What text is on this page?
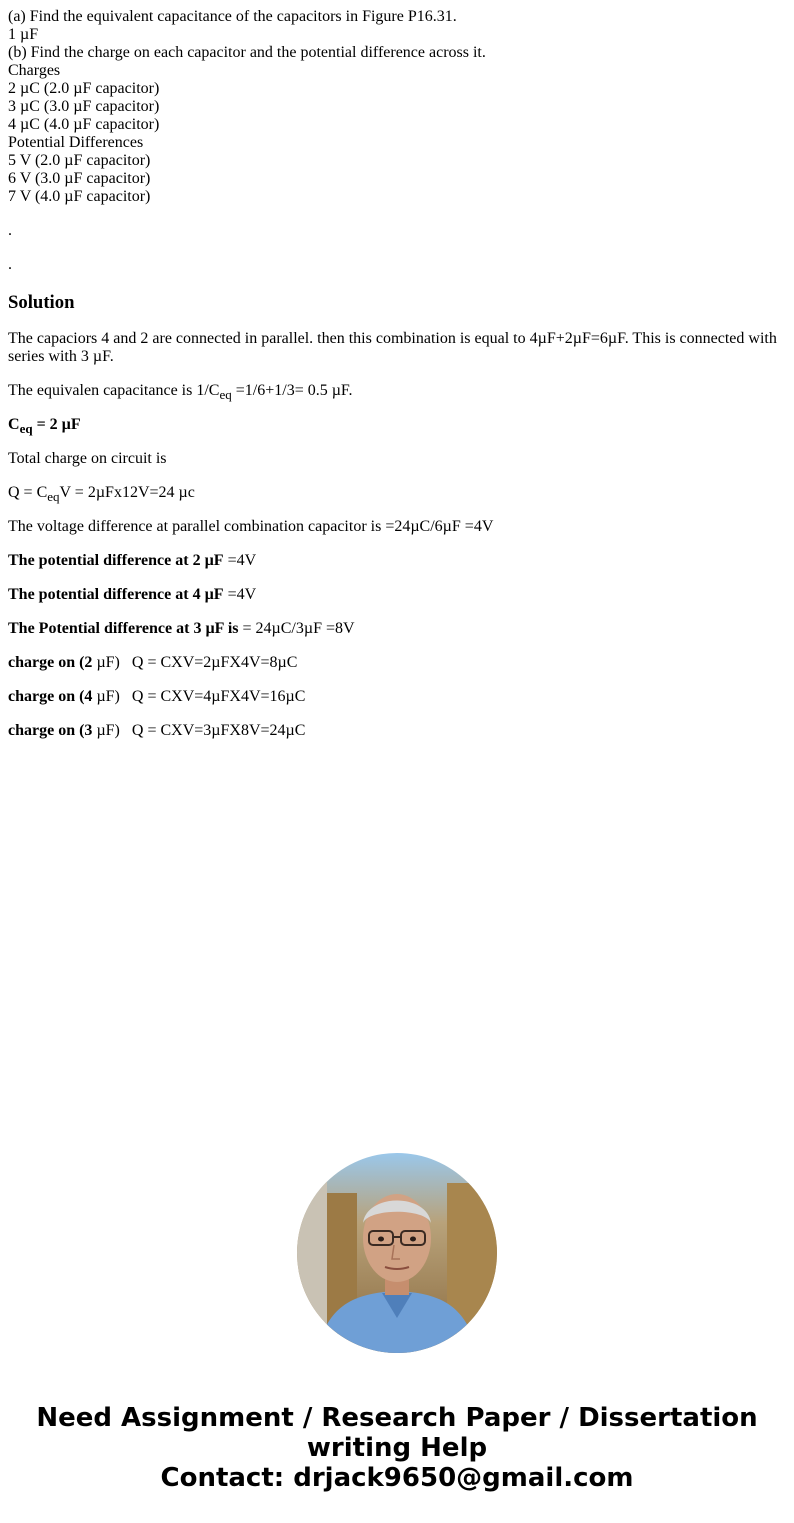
(a) Find the equivalent capacitance of the capacitors in Figure P16.31.
1 µF
(b) Find the charge on each capacitor and the potential difference across it.
Charges
2 µC (2.0 µF capacitor)
3 µC (3.0 µF capacitor)
4 µC (4.0 µF capacitor)
Potential Differences
5 V (2.0 µF capacitor)
6 V (3.0 µF capacitor)
7 V (4.0 µF capacitor)
.
.
Solution

The capaciors 4 and 2 are connected in parallel. then this combination is equal to 4µF+2µF=6µF. This is connected with series with 3 µF.

The equivalen capacitance is $1/C_{eq} =1/6+1/3= 0.5$ µF.

$C_{eq} = 2$ µF

Total charge on circuit is

$Q = C_{eq}V = 2\mu Fx12V=24$ µc

The voltage difference at parallel combination capacitor is =24µC/6µF =4V

The potential difference at 2 µF =4V

The potential difference at 4 µF =4V

The Potential difference at 3 µF is = 24µC/3µF =8V

charge on (2 µF)   Q = CXV=2µFX4V=8µC

charge on (4 µF)   Q = CXV=4µFX4V=16µC

charge on (3 µF)   Q = CXV=3µFX8V=24µC

Need Assignment / Research Paper / Dissertation
writing Help
Contact: drjack9650@gmail.com
